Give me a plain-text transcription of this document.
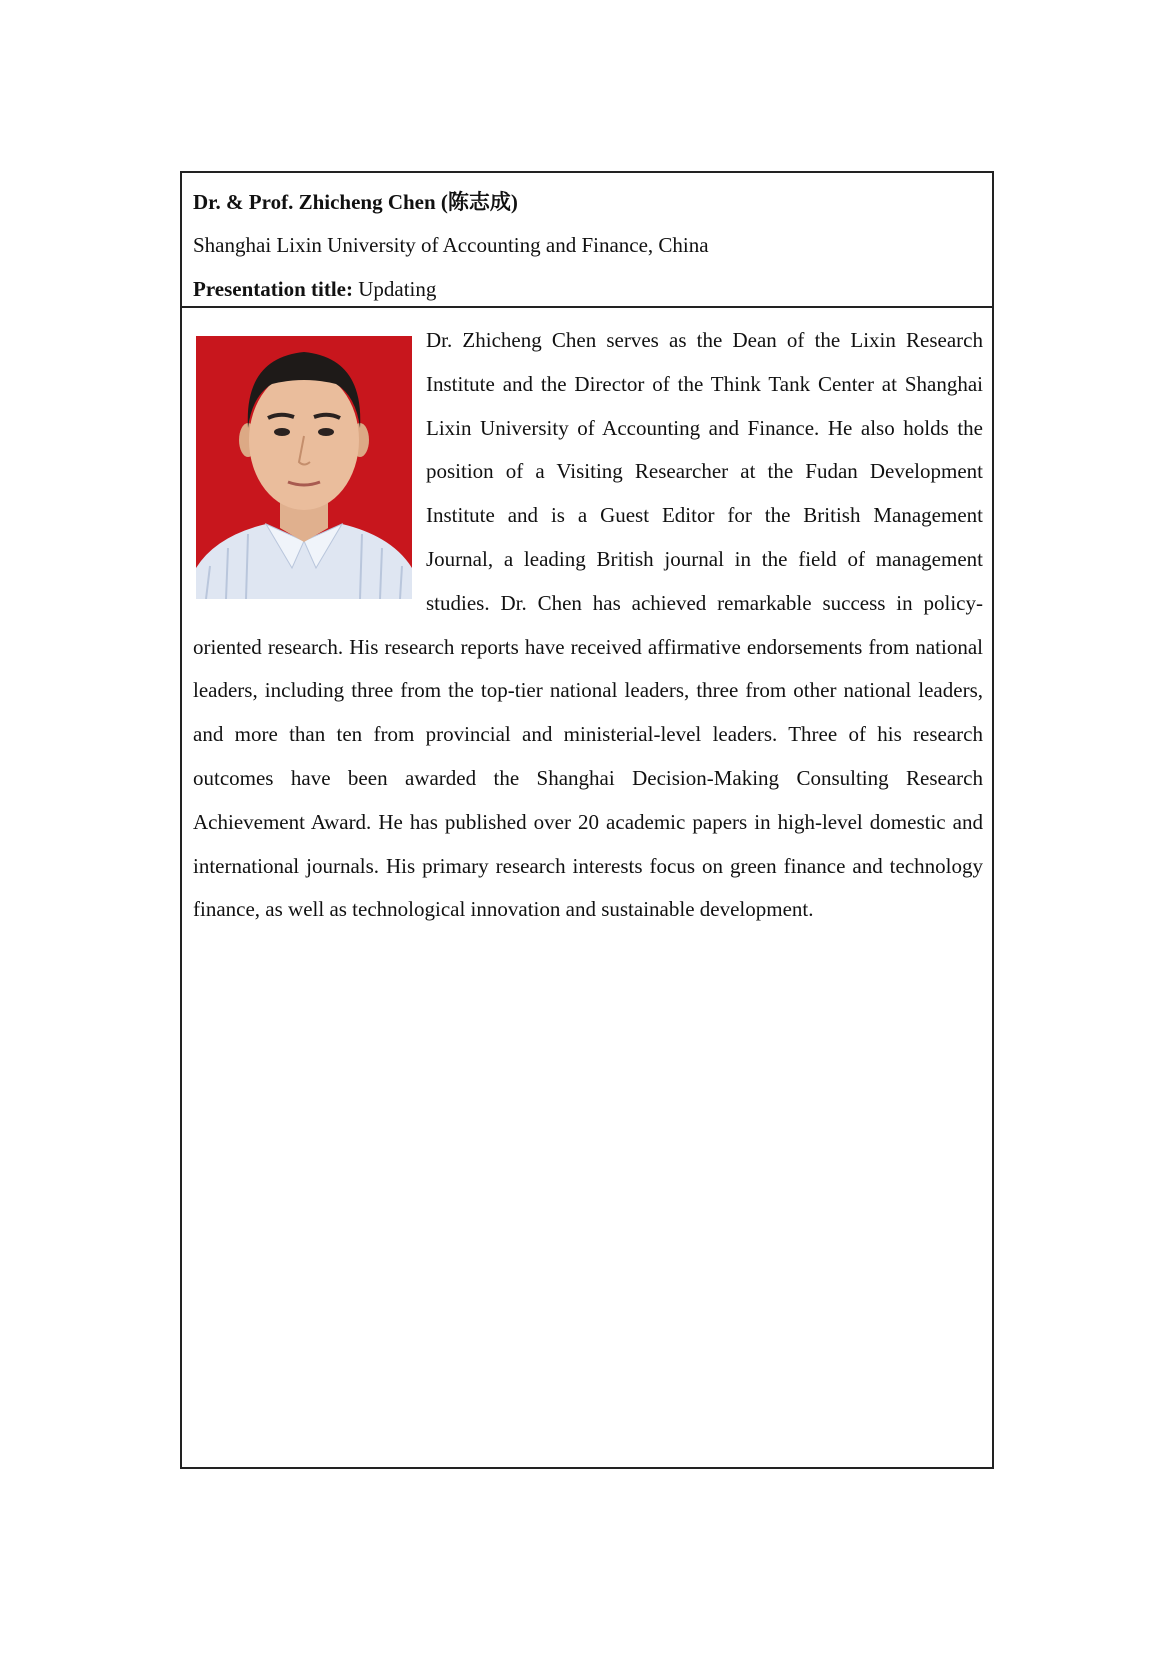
Dr. & Prof. Zhicheng Chen (陈志成)
Shanghai Lixin University of Accounting and Finance, China
Presentation title: Updating

Dr. Zhicheng Chen serves as the Dean of the Lixin Research Institute and the Director of the Think Tank Center at Shanghai Lixin University of Accounting and Finance. He also holds the position of a Visiting Researcher at the Fudan Development Institute and is a Guest Editor for the British Management Journal, a leading British journal in the field of management studies. Dr. Chen has achieved remarkable success in policy-oriented research. His research reports have received affirmative endorsements from national leaders, including three from the top-tier national leaders, three from other national leaders, and more than ten from provincial and ministerial-level leaders. Three of his research outcomes have been awarded the Shanghai Decision-Making Consulting Research Achievement Award. He has published over 20 academic papers in high-level domestic and international journals. His primary research interests focus on green finance and technology finance, as well as technological innovation and sustainable development.
